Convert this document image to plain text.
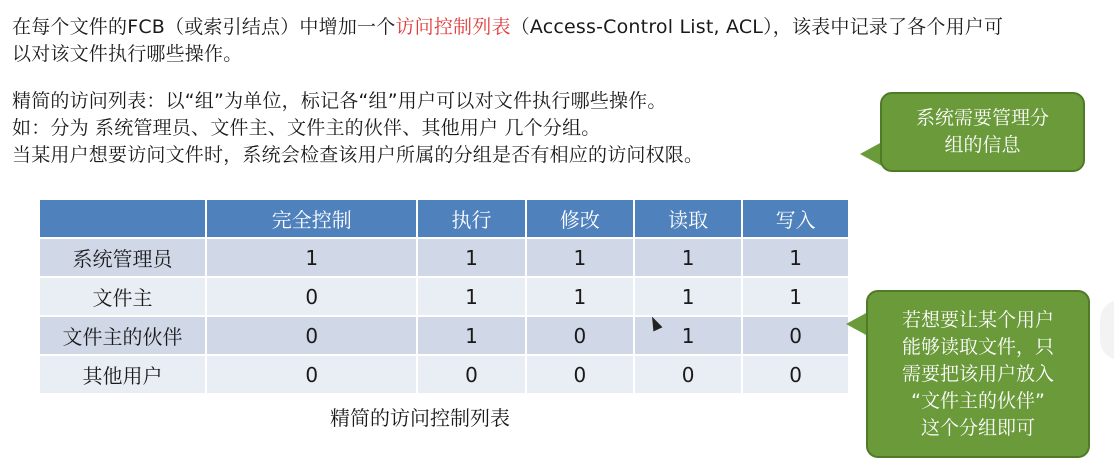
在每个文件的FCB（或索引结点）中增加一个访问控制列表（Access-Control List, ACL），该表中记录了各个用户可以对该文件执行哪些操作。

精简的访问列表：以“组”为单位，标记各“组”用户可以对文件执行哪些操作。
如：分为 系统管理员、文件主、文件主的伙伴、其他用户 几个分组。
当某用户想要访问文件时，系统会检查该用户所属的分组是否有相应的访问权限。
系统需要管理分
组的信息
	完全控制	执行	修改	读取	写入
系统管理员	1	1	1	1	1
文件主	0	1	1	1	1
文件主的伙伴	0	1	0	1	0
其他用户	0	0	0	0	0
精简的访问控制列表
若想要让某个用户
能够读取文件，只
需要把该用户放入
“文件主的伙伴”
这个分组即可
